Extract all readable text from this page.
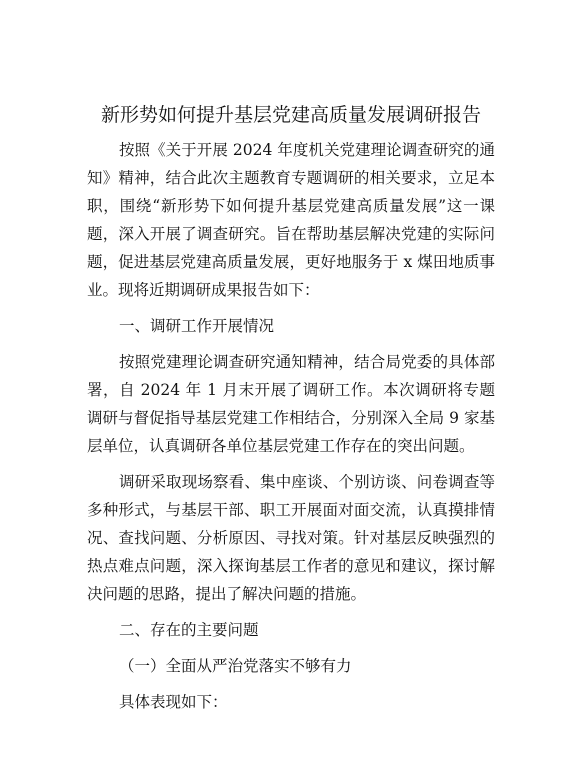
新形势如何提升基层党建高质量发展调研报告

按照《关于开展 2024 年度机关党建理论调查研究的通知》精神，结合此次主题教育专题调研的相关要求，立足本职，围绕“新形势下如何提升基层党建高质量发展”这一课题，深入开展了调查研究。旨在帮助基层解决党建的实际问题，促进基层党建高质量发展，更好地服务于 x 煤田地质事业。现将近期调研成果报告如下：

一、调研工作开展情况

按照党建理论调查研究通知精神，结合局党委的具体部署，自 2024 年 1 月末开展了调研工作。本次调研将专题调研与督促指导基层党建工作相结合，分别深入全局 9 家基层单位，认真调研各单位基层党建工作存在的突出问题。

调研采取现场察看、集中座谈、个别访谈、问卷调查等多种形式，与基层干部、职工开展面对面交流，认真摸排情况、查找问题、分析原因、寻找对策。针对基层反映强烈的热点难点问题，深入探询基层工作者的意见和建议，探讨解决问题的思路，提出了解决问题的措施。

二、存在的主要问题

（一）全面从严治党落实不够有力

具体表现如下：
